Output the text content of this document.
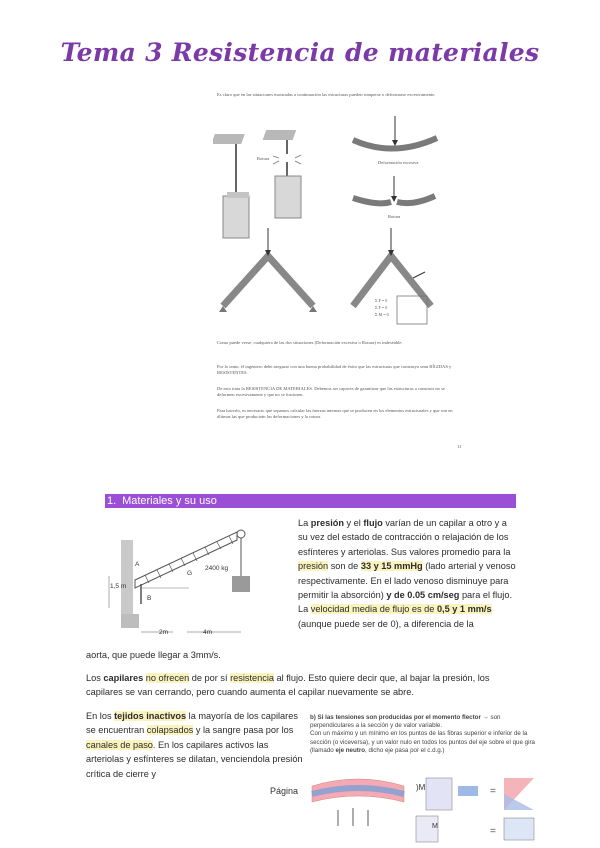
Tema 3 Resistencia de materiales
Es claro que en las situaciones mostradas a continuación las estructuras pueden romperse o deformarse excesivamente.
Rotura
Deformación excesiva
Rotura
Σ F = 0
Σ F = 0
Σ M = 0
Como puede verse, cualquiera de las dos situaciones (Deformación excesiva o Rotura) es indeseable.
Por lo tanto, el ingeniero debe asegurar con una buena probabilidad de éxito que las estructuras que construya sean RÍGIDAS y RESISTENTES.
De esto trata la RESISTENCIA DE MATERIALES. Debemos ser capaces de garantizar que las estructuras a construir no se deformen excesivamente y que no se fracturen.
Para hacerlo, es necesario que sepamos calcular las fuerzas internas que se producen en los elementos estructurales y que son en últimas las que producirán las deformaciones y la rotura.
11
1. Materiales y su uso
A
B
G
2400 kg
1,5 m
2m	4m
La presión y el flujo varían de un capilar a otro y a su vez del estado de contracción o relajación de los esfínteres y arteriolas. Sus valores promedio para la presión son de 33 y 15 mmHg (lado arterial y venoso respectivamente. En el lado venoso disminuye para permitir la absorción) y de 0.05 cm/seg para el flujo. La velocidad media de flujo es de 0,5 y 1 mm/s (aunque puede ser de 0), a diferencia de la
aorta, que puede llegar a 3mm/s.
Los capilares no ofrecen de por sí resistencia al flujo. Esto quiere decir que, al bajar la presión, los capilares se van cerrando, pero cuando aumenta el capilar nuevamente se abre.
En los tejidos inactivos la mayoría de los capilares se encuentran colapsados y la sangre pasa por los canales de paso. En los capilares activos las arteriolas y esfínteres se dilatan, venciendola presión crítica de cierre y
Página
b) Si las tensiones son producidas por el momento flector → son perpendiculares a la sección y de valor variable.
Con un máximo y un mínimo en los puntos de las fibras superior e inferior de la sección (o viceversa), y un valor nulo en todos los puntos del eje sobre el que gira (llamado eje neutro, dicho eje pasa por el c.d.g.)
)M	=
M	=
